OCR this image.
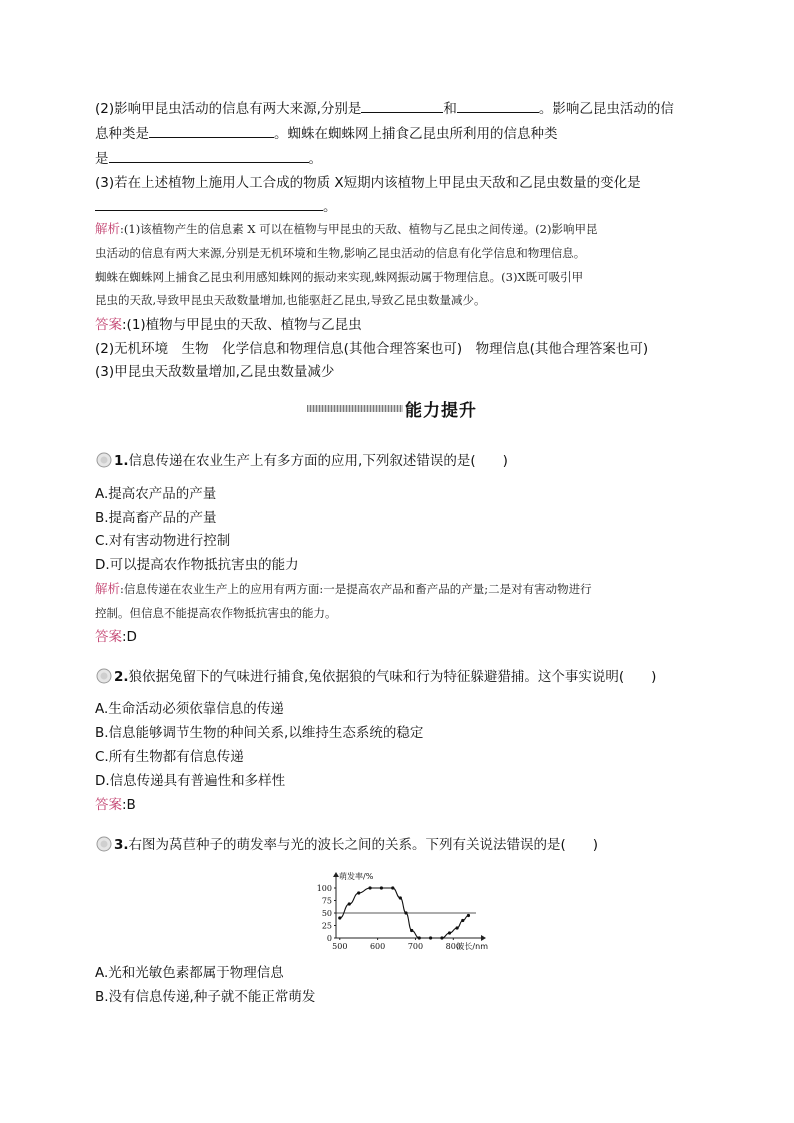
(2)影响甲昆虫活动的信息有两大来源,分别是	和	。影响乙昆虫活动的信
息种类是	。蜘蛛在蜘蛛网上捕食乙昆虫所利用的信息种类
是	。
(3)若在上述植物上施用人工合成的物质 X短期内该植物上甲昆虫天敌和乙昆虫数量的变化是
。
解析:(1)该植物产生的信息素 X 可以在植物与甲昆虫的天敌、植物与乙昆虫之间传递。(2)影响甲昆
虫活动的信息有两大来源,分别是无机环境和生物,影响乙昆虫活动的信息有化学信息和物理信息。
蜘蛛在蜘蛛网上捕食乙昆虫利用感知蛛网的振动来实现,蛛网振动属于物理信息。(3)X既可吸引甲
昆虫的天敌,导致甲昆虫天敌数量增加,也能驱赶乙昆虫,导致乙昆虫数量减少。
答案:(1)植物与甲昆虫的天敌、植物与乙昆虫
(2)无机环境　生物　化学信息和物理信息(其他合理答案也可)　物理信息(其他合理答案也可)
(3)甲昆虫天敌数量增加,乙昆虫数量减少
能力提升
1.信息传递在农业生产上有多方面的应用,下列叙述错误的是(　　)
A.提高农产品的产量
B.提高畜产品的产量
C.对有害动物进行控制
D.可以提高农作物抵抗害虫的能力
解析:信息传递在农业生产上的应用有两方面:一是提高农产品和畜产品的产量;二是对有害动物进行
控制。但信息不能提高农作物抵抗害虫的能力。
答案:D
2.狼依据兔留下的气味进行捕食,兔依据狼的气味和行为特征躲避猎捕。这个事实说明(　　)
A.生命活动必须依靠信息的传递
B.信息能够调节生物的种间关系,以维持生态系统的稳定
C.所有生物都有信息传递
D.信息传递具有普遍性和多样性
答案:B
3.右图为莴苣种子的萌发率与光的波长之间的关系。下列有关说法错误的是(　　)
0
25
50
75
100
500	600	700	800
萌发率/%
波长/nm
A.光和光敏色素都属于物理信息
B.没有信息传递,种子就不能正常萌发
